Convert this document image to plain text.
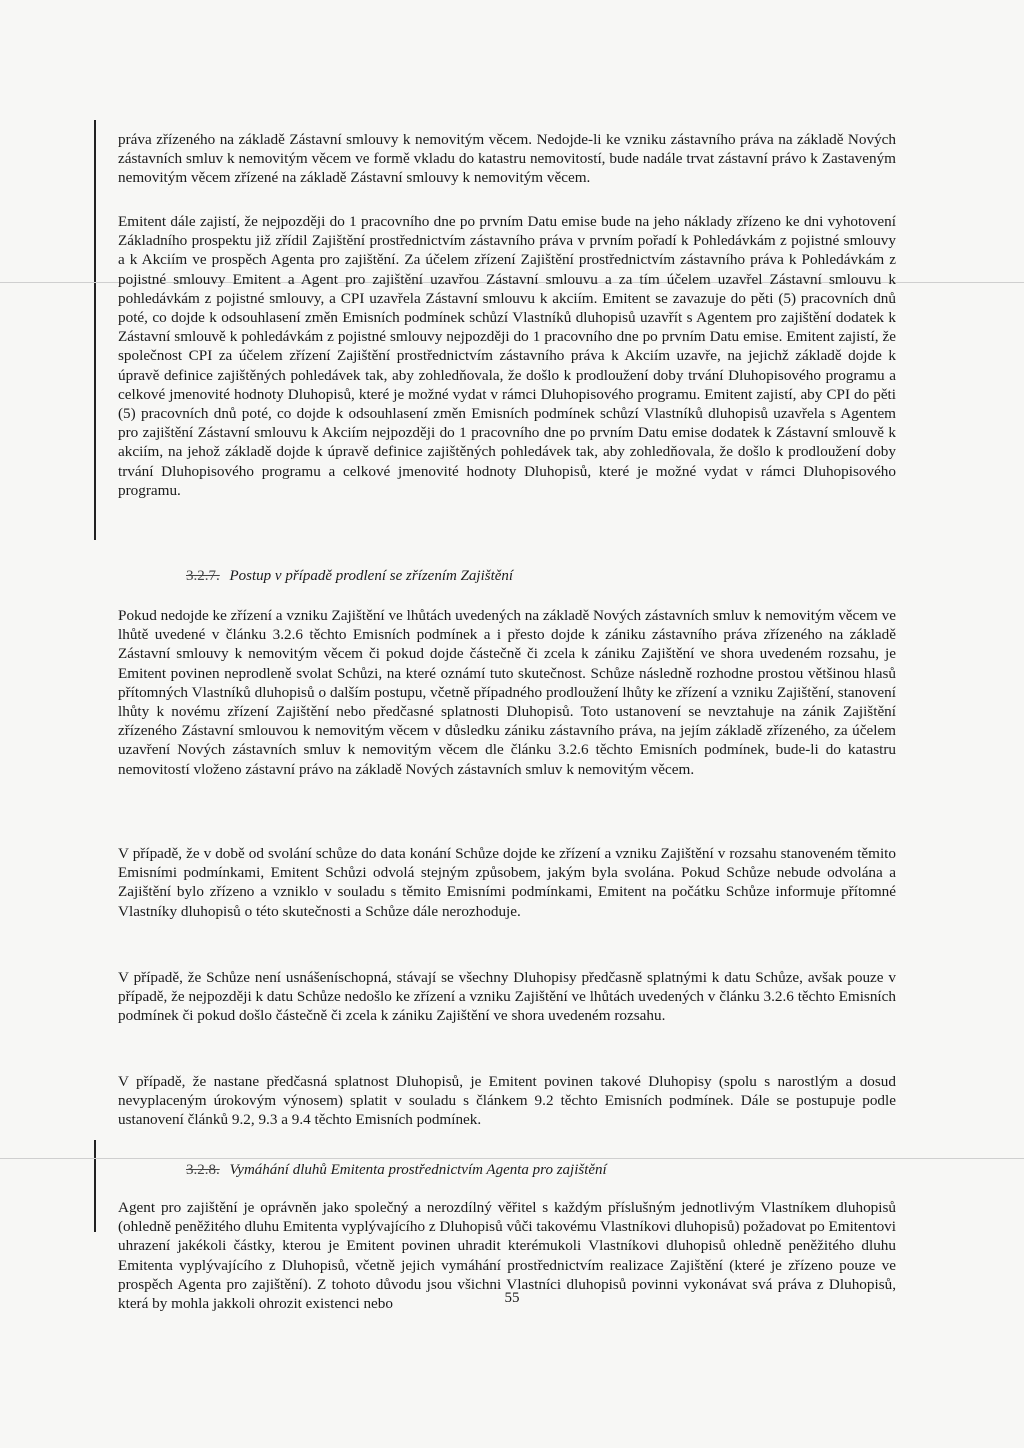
práva zřízeného na základě Zástavní smlouvy k nemovitým věcem. Nedojde-li ke vzniku zástavního práva na základě Nových zástavních smluv k nemovitým věcem ve formě vkladu do katastru nemovitostí, bude nadále trvat zástavní právo k Zastaveným nemovitým věcem zřízené na základě Zástavní smlouvy k nemovitým věcem.

Emitent dále zajistí, že nejpozději do 1 pracovního dne po prvním Datu emise bude na jeho náklady zřízeno ke dni vyhotovení Základního prospektu již zřídil Zajištění prostřednictvím zástavního práva v prvním pořadí k Pohledávkám z pojistné smlouvy a k Akciím ve prospěch Agenta pro zajištění. Za účelem zřízení Zajištění prostřednictvím zástavního práva k Pohledávkám z pojistné smlouvy Emitent a Agent pro zajištění uzavřou Zástavní smlouvu a za tím účelem uzavřel Zástavní smlouvu k pohledávkám z pojistné smlouvy, a CPI uzavřela Zástavní smlouvu k akciím. Emitent se zavazuje do pěti (5) pracovních dnů poté, co dojde k odsouhlasení změn Emisních podmínek schůzí Vlastníků dluhopisů uzavřít s Agentem pro zajištění dodatek k Zástavní smlouvě k pohledávkám z pojistné smlouvy nejpozději do 1 pracovního dne po prvním Datu emise. Emitent zajistí, že společnost CPI za účelem zřízení Zajištění prostřednictvím zástavního práva k Akciím uzavře, na jejichž základě dojde k úpravě definice zajištěných pohledávek tak, aby zohledňovala, že došlo k prodloužení doby trvání Dluhopisového programu a celkové jmenovité hodnoty Dluhopisů, které je možné vydat v rámci Dluhopisového programu. Emitent zajistí, aby CPI do pěti (5) pracovních dnů poté, co dojde k odsouhlasení změn Emisních podmínek schůzí Vlastníků dluhopisů uzavřela s Agentem pro zajištění Zástavní smlouvu k Akciím nejpozději do 1 pracovního dne po prvním Datu emise dodatek k Zástavní smlouvě k akciím, na jehož základě dojde k úpravě definice zajištěných pohledávek tak, aby zohledňovala, že došlo k prodloužení doby trvání Dluhopisového programu a celkové jmenovité hodnoty Dluhopisů, které je možné vydat v rámci Dluhopisového programu.

3.2.7. Postup v případě prodlení se zřízením Zajištění

Pokud nedojde ke zřízení a vzniku Zajištění ve lhůtách uvedených na základě Nových zástavních smluv k nemovitým věcem ve lhůtě uvedené v článku 3.2.6 těchto Emisních podmínek a i přesto dojde k zániku zástavního práva zřízeného na základě Zástavní smlouvy k nemovitým věcem či pokud dojde částečně či zcela k zániku Zajištění ve shora uvedeném rozsahu, je Emitent povinen neprodleně svolat Schůzi, na které oznámí tuto skutečnost. Schůze následně rozhodne prostou většinou hlasů přítomných Vlastníků dluhopisů o dalším postupu, včetně případného prodloužení lhůty ke zřízení a vzniku Zajištění, stanovení lhůty k novému zřízení Zajištění nebo předčasné splatnosti Dluhopisů. Toto ustanovení se nevztahuje na zánik Zajištění zřízeného Zástavní smlouvou k nemovitým věcem v důsledku zániku zástavního práva, na jejím základě zřízeného, za účelem uzavření Nových zástavních smluv k nemovitým věcem dle článku 3.2.6 těchto Emisních podmínek, bude-li do katastru nemovitostí vloženo zástavní právo na základě Nových zástavních smluv k nemovitým věcem.

V případě, že v době od svolání schůze do data konání Schůze dojde ke zřízení a vzniku Zajištění v rozsahu stanoveném těmito Emisními podmínkami, Emitent Schůzi odvolá stejným způsobem, jakým byla svolána. Pokud Schůze nebude odvolána a Zajištění bylo zřízeno a vzniklo v souladu s těmito Emisními podmínkami, Emitent na počátku Schůze informuje přítomné Vlastníky dluhopisů o této skutečnosti a Schůze dále nerozhoduje.

V případě, že Schůze není usnášeníschopná, stávají se všechny Dluhopisy předčasně splatnými k datu Schůze, avšak pouze v případě, že nejpozději k datu Schůze nedošlo ke zřízení a vzniku Zajištění ve lhůtách uvedených v článku 3.2.6 těchto Emisních podmínek či pokud došlo částečně či zcela k zániku Zajištění ve shora uvedeném rozsahu.

V případě, že nastane předčasná splatnost Dluhopisů, je Emitent povinen takové Dluhopisy (spolu s narostlým a dosud nevyplaceným úrokovým výnosem) splatit v souladu s článkem 9.2 těchto Emisních podmínek. Dále se postupuje podle ustanovení článků 9.2, 9.3 a 9.4 těchto Emisních podmínek.

3.2.8. Vymáhání dluhů Emitenta prostřednictvím Agenta pro zajištění

Agent pro zajištění je oprávněn jako společný a nerozdílný věřitel s každým příslušným jednotlivým Vlastníkem dluhopisů (ohledně peněžitého dluhu Emitenta vyplývajícího z Dluhopisů vůči takovému Vlastníkovi dluhopisů) požadovat po Emitentovi uhrazení jakékoli částky, kterou je Emitent povinen uhradit kterémukoli Vlastníkovi dluhopisů ohledně peněžitého dluhu Emitenta vyplývajícího z Dluhopisů, včetně jejich vymáhání prostřednictvím realizace Zajištění (které je zřízeno pouze ve prospěch Agenta pro zajištění). Z tohoto důvodu jsou všichni Vlastníci dluhopisů povinni vykonávat svá práva z Dluhopisů, která by mohla jakkoli ohrozit existenci nebo	55
